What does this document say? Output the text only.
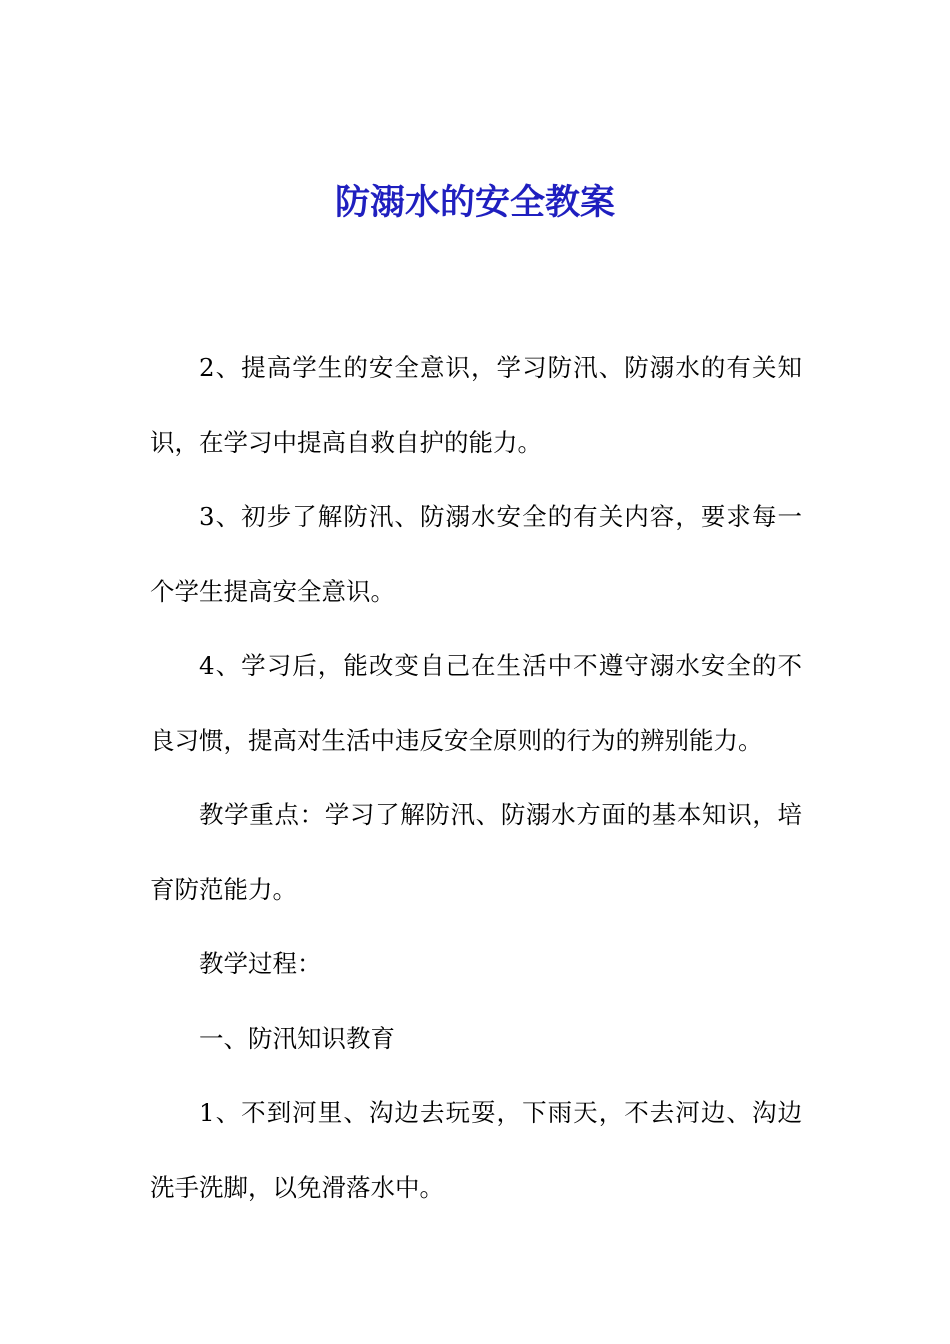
防溺水的安全教案

2、提高学生的安全意识，学习防汛、防溺水的有关知识，在学习中提高自救自护的能力。

3、初步了解防汛、防溺水安全的有关内容，要求每一个学生提高安全意识。

4、学习后，能改变自己在生活中不遵守溺水安全的不良习惯，提高对生活中违反安全原则的行为的辨别能力。

教学重点：学习了解防汛、防溺水方面的基本知识，培育防范能力。

教学过程：

一、防汛知识教育

1、不到河里、沟边去玩耍，下雨天，不去河边、沟边洗手洗脚，以免滑落水中。
